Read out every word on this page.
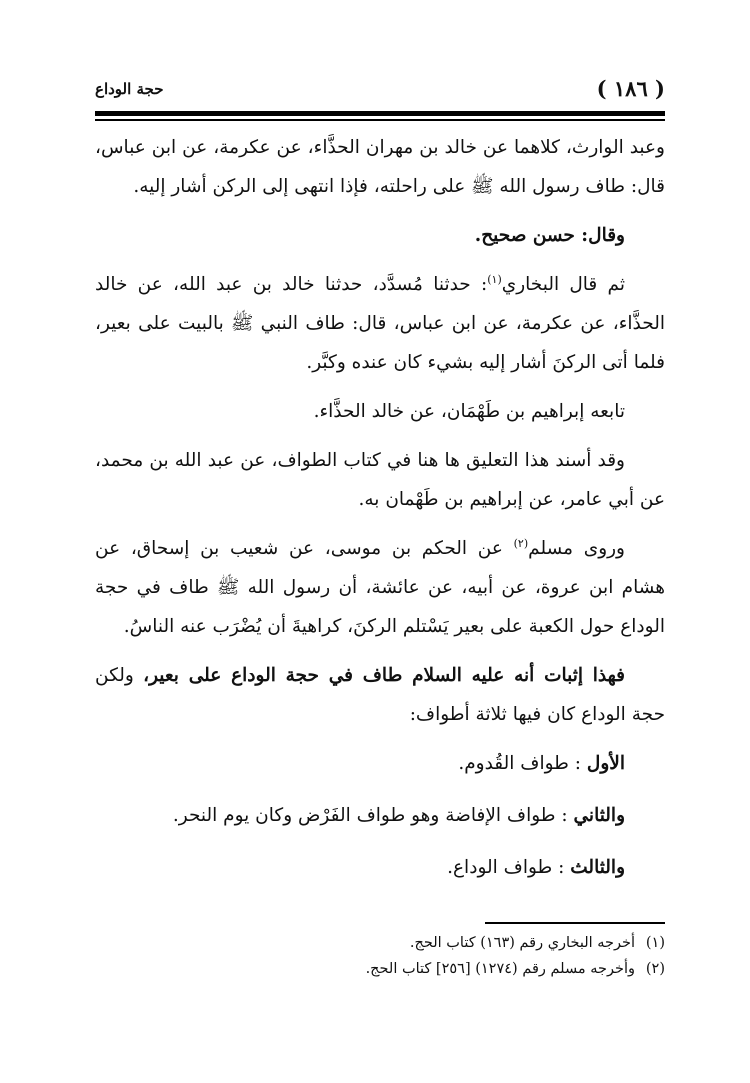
( ١٨٦ )
حجة الوداع

وعبد الوارث، كلاهما عن خالد بن مهران الحذَّاء، عن عكرمة، عن ابن عباس، قال: طاف رسول الله ﷺ على راحلته، فإذا انتهى إلى الركن أشار إليه.

وقال: حسن صحيح.

ثم قال البخاري$^{(١)}$: حدثنا مُسدَّد، حدثنا خالد بن عبد الله، عن خالد الحذَّاء، عن عكرمة، عن ابن عباس، قال: طاف النبي ﷺ بالبيت على بعير، فلما أتى الركنَ أشار إليه بشيء كان عنده وكبَّر.

تابعه إبراهيم بن طَهْمَان، عن خالد الحذَّاء.

وقد أسند هذا التعليق ها هنا في كتاب الطواف، عن عبد الله بن محمد، عن أبي عامر، عن إبراهيم بن طَهْمان به.

وروى مسلم$^{(٢)}$ عن الحكم بن موسى، عن شعيب بن إسحاق، عن هشام ابن عروة، عن أبيه، عن عائشة، أن رسول الله ﷺ طاف في حجة الوداع حول الكعبة على بعير يَسْتلم الركنَ، كراهيةَ أن يُضْرَب عنه الناسُ.

فهذا إثبات أنه عليه السلام طاف في حجة الوداع على بعير، ولكن حجة الوداع كان فيها ثلاثة أطواف:

الأول : طواف القُدوم.

والثاني : طواف الإفاضة وهو طواف الفَرْض وكان يوم النحر.

والثالث : طواف الوداع.

(١)أخرجه البخاري رقم (١٦٣) كتاب الحج.

(٢)وأخرجه مسلم رقم (١٢٧٤) [٢٥٦] كتاب الحج.
